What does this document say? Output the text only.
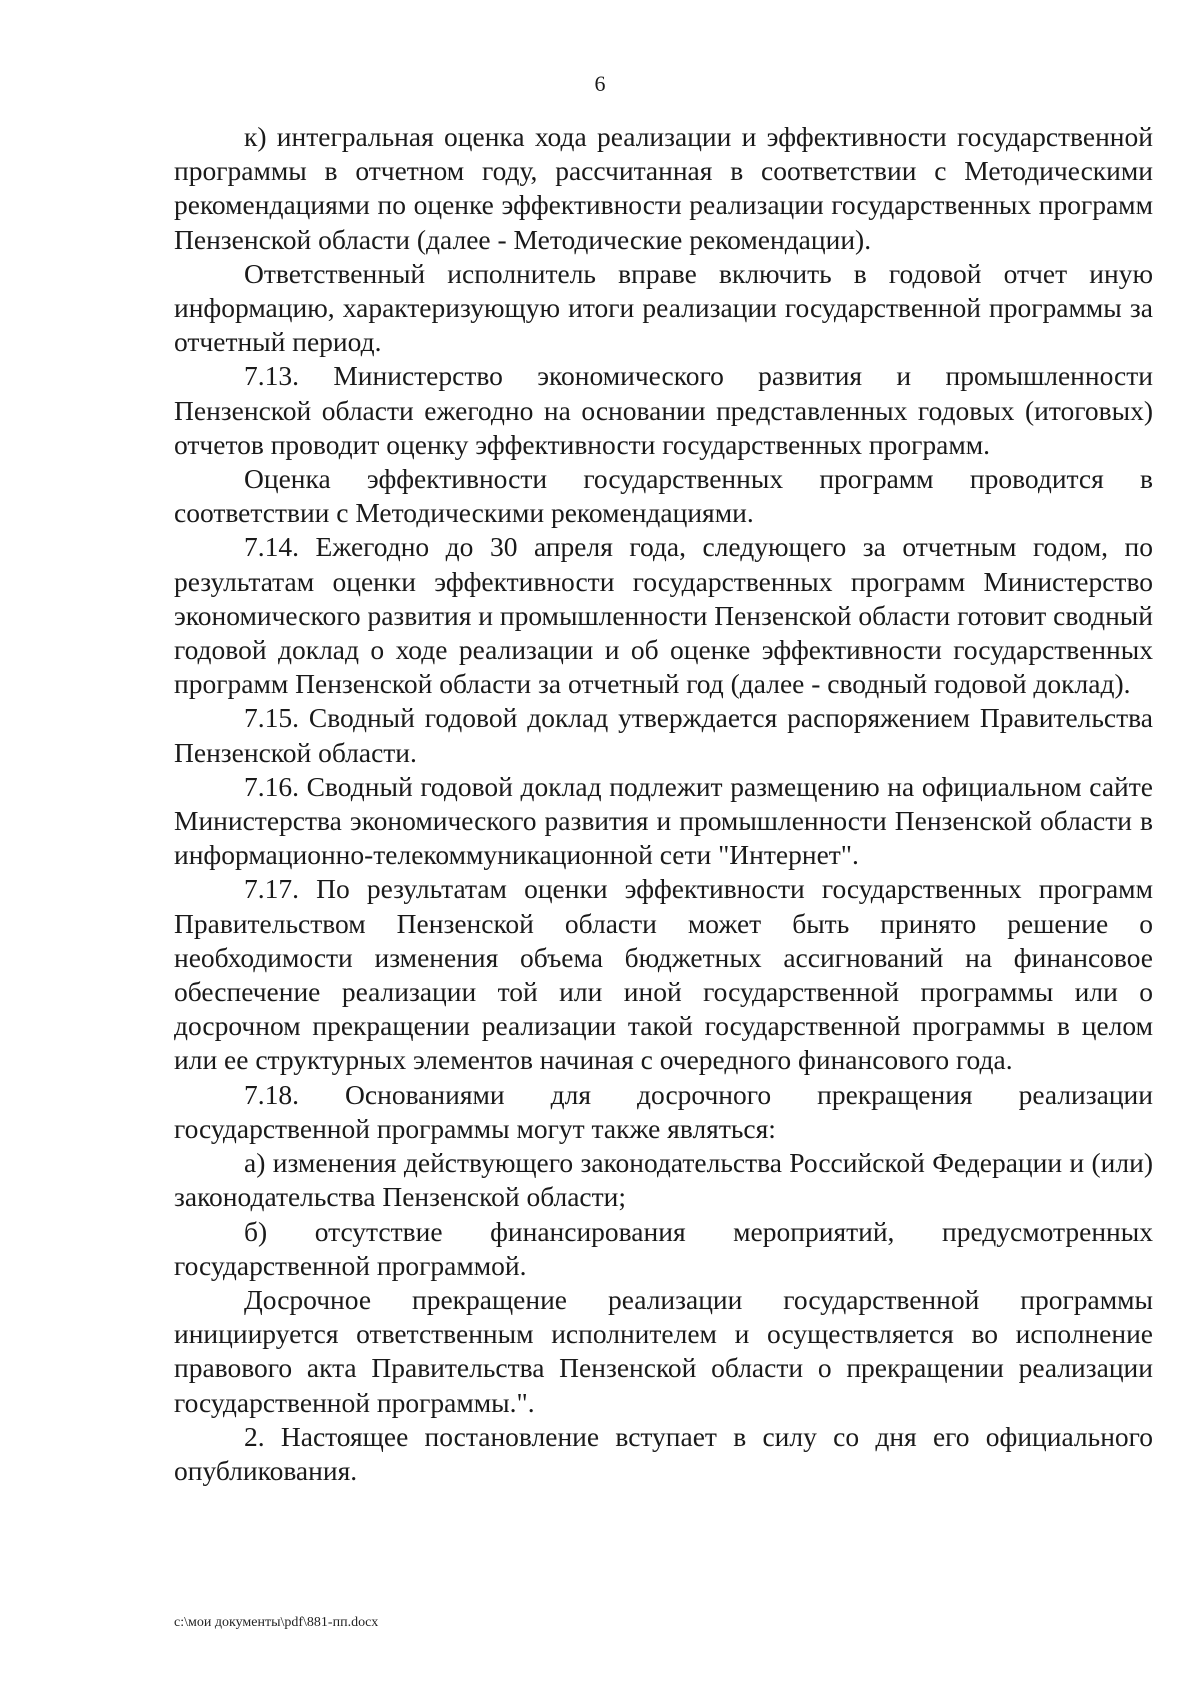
6

к) интегральная оценка хода реализации и эффективности государственной программы в отчетном году, рассчитанная в соответствии с Методическими рекомендациями по оценке эффективности реализации государственных программ Пензенской области (далее - Методические рекомендации).

Ответственный исполнитель вправе включить в годовой отчет иную информацию, характеризующую итоги реализации государственной программы за отчетный период.

7.13. Министерство экономического развития и промышленности Пензенской области ежегодно на основании представленных годовых (итоговых) отчетов проводит оценку эффективности государственных программ.

Оценка эффективности государственных программ проводится в соответствии с Методическими рекомендациями.

7.14. Ежегодно до 30 апреля года, следующего за отчетным годом, по результатам оценки эффективности государственных программ Министерство экономического развития и промышленности Пензенской области готовит сводный годовой доклад о ходе реализации и об оценке эффективности государственных программ Пензенской области за отчетный год (далее - сводный годовой доклад).

7.15. Сводный годовой доклад утверждается распоряжением Правительства Пензенской области.

7.16. Сводный годовой доклад подлежит размещению на официальном сайте Министерства экономического развития и промышленности Пензенской области в информационно-телекоммуникационной сети "Интернет".

7.17. По результатам оценки эффективности государственных программ Правительством Пензенской области может быть принято решение о необходимости изменения объема бюджетных ассигнований на финансовое обеспечение реализации той или иной государственной программы или о досрочном прекращении реализации такой государственной программы в целом или ее структурных элементов начиная с очередного финансового года.

7.18. Основаниями для досрочного прекращения реализации государственной программы могут также являться:

а) изменения действующего законодательства Российской Федерации и (или) законодательства Пензенской области;

б) отсутствие финансирования мероприятий, предусмотренных государственной программой.

Досрочное прекращение реализации государственной программы инициируется ответственным исполнителем и осуществляется во исполнение правового акта Правительства Пензенской области о прекращении реализации государственной программы.".

2. Настоящее постановление вступает в силу со дня его официального опубликования.

c:\мои документы\pdf\881-пп.docx
